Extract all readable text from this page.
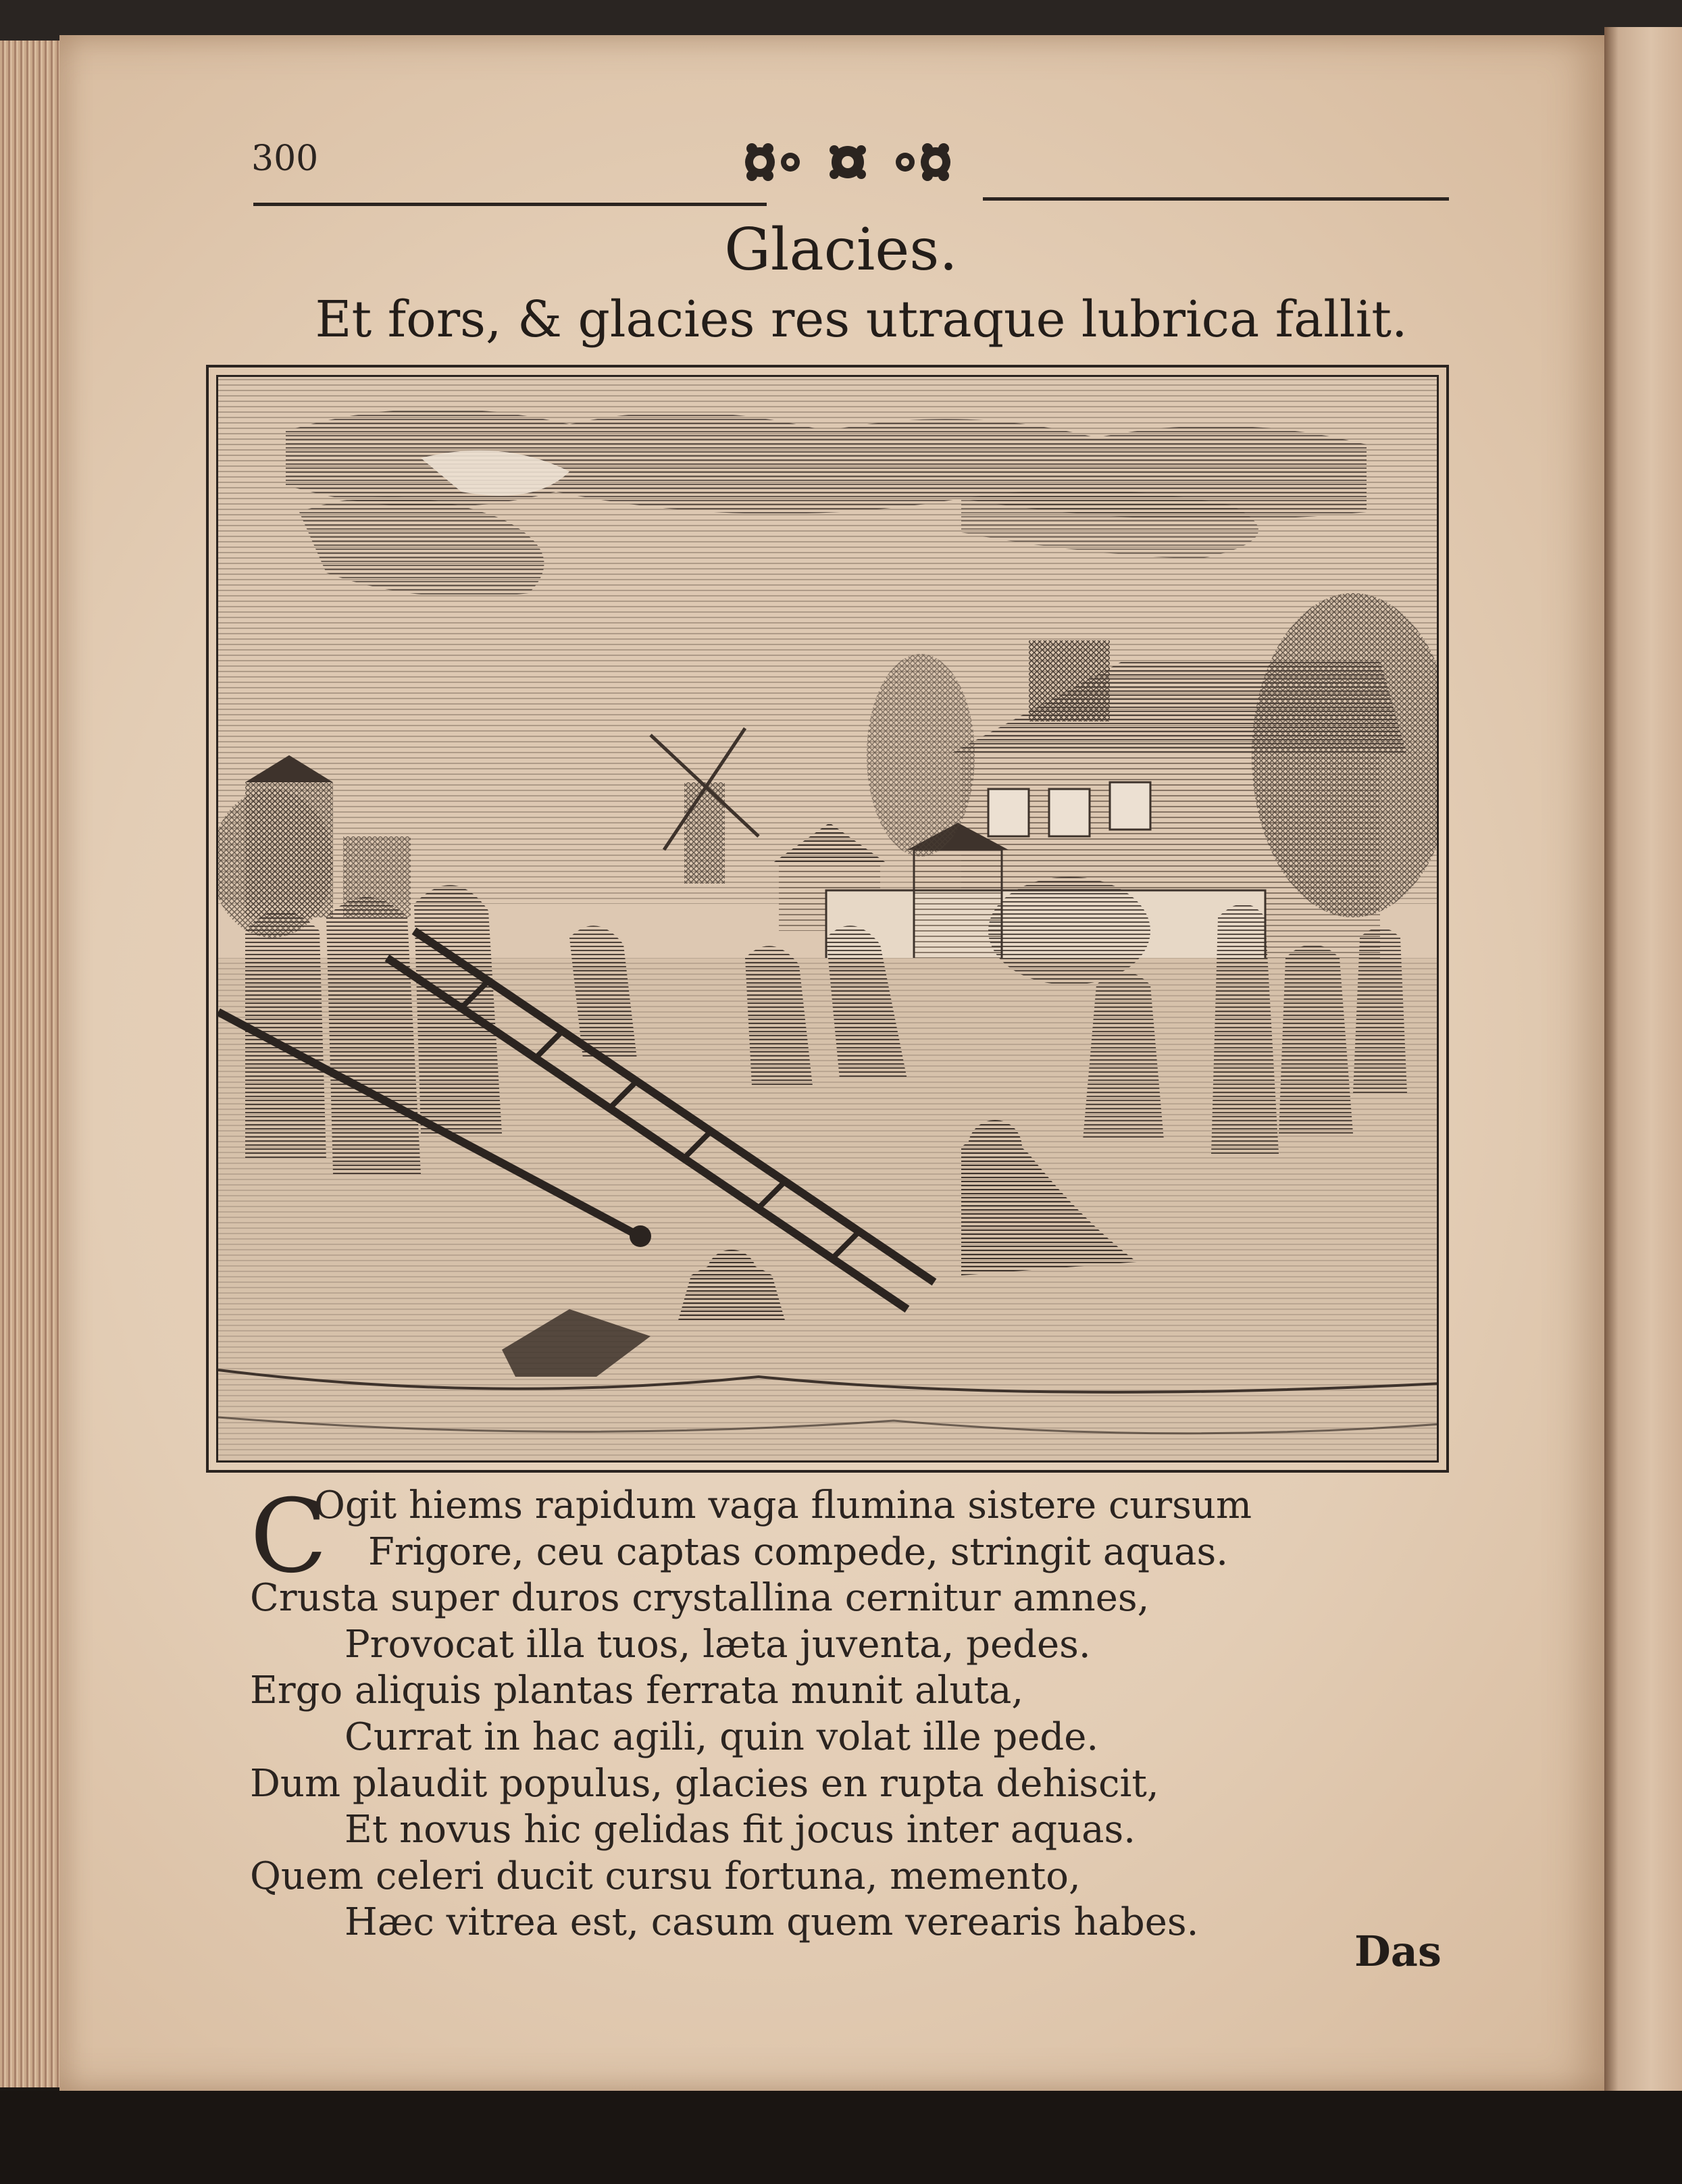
300
Glacies.
Et fors, & glacies res utraque lubrica fallit.
C
Ogit hiems rapidum vaga flumina sistere cursum
Frigore, ceu captas compede, stringit aquas.
Crusta super duros crystallina cernitur amnes,
Provocat illa tuos, læta juventa, pedes.
Ergo aliquis plantas ferrata munit aluta,
Currat in hac agili, quin volat ille pede.
Dum plaudit populus, glacies en rupta dehiscit,
Et novus hic gelidas fit jocus inter aquas.
Quem celeri ducit cursu fortuna, memento,
Hæc vitrea est, casum quem verearis habes.
Das
